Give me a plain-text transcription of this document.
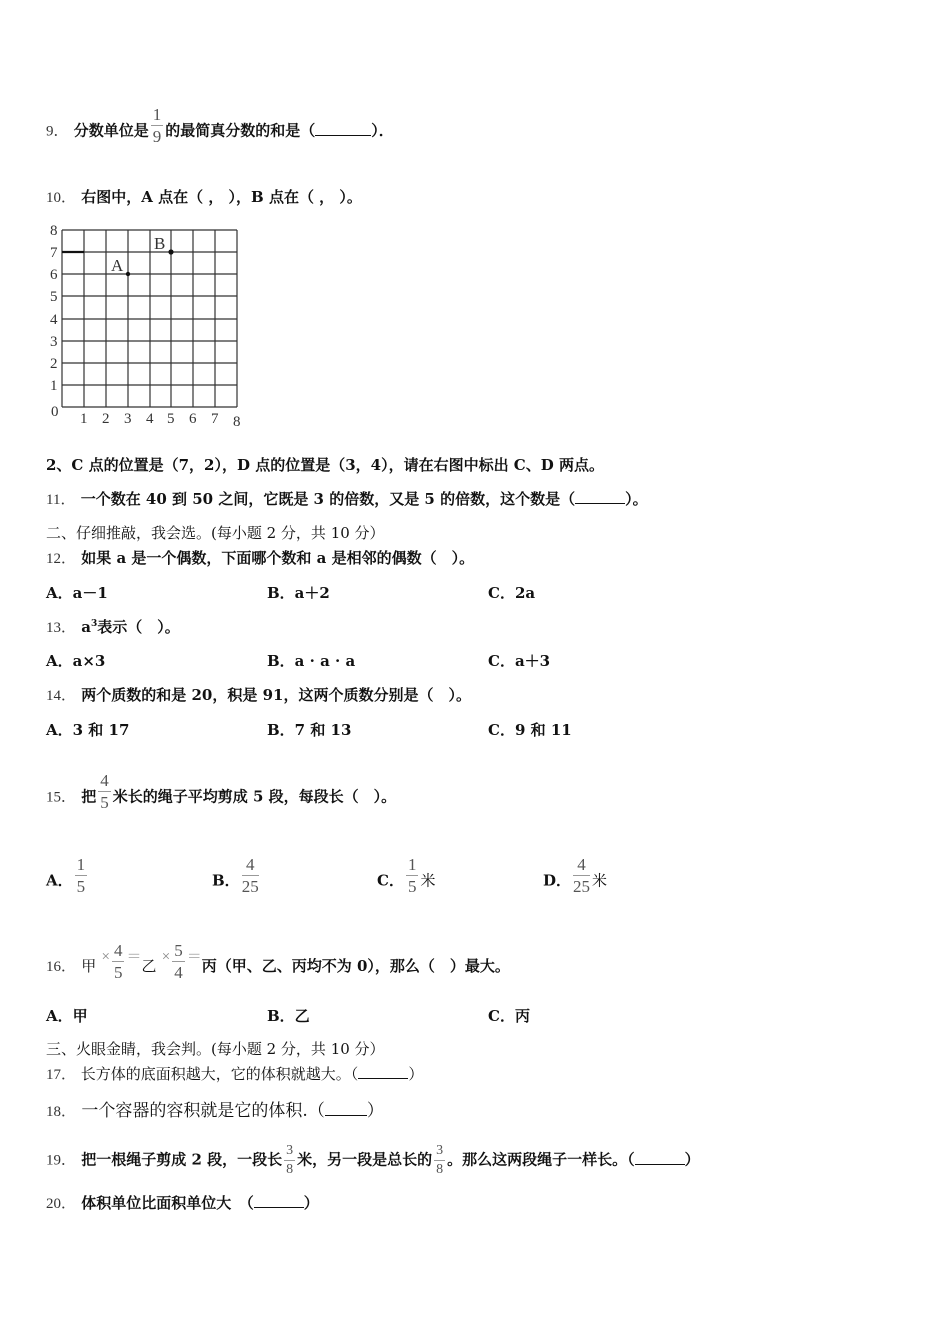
9． 分数单位是 $\frac{1}{9}$ 的最简真分数的和是（	）．
10． 右图中，A 点在（ ， ），B 点在（ ， ）。
8
7
6
5
4
3
2
1
0 1 2 3 4 5 6 7 8
A
B
2、C 点的位置是（7，2），D 点的位置是（3，4），请在右图中标出 C、D 两点。
11． 一个数在 40 到 50 之间，它既是 3 的倍数，又是 5 的倍数，这个数是（	）。
二、仔细推敲，我会选。(每小题 2 分，共 10 分）
12． 如果 a 是一个偶数，下面哪个数和 a 是相邻的偶数（　）。
A．a－1	B．a＋2	C．2a
13． $a^3$表示（　）。
A．a×3	B．a · a · a	C．a＋3
14． 两个质数的和是 20，积是 91，这两个质数分别是（　）。
A．3 和 17	B．7 和 13	C．9 和 11
15． 把 $\frac{4}{5}$ 米长的绳子平均剪成 5 段，每段长（　）。
A． $\frac{1}{5}$	B． $\frac{4}{25}$	C． $\frac{1}{5}$ 米	D． $\frac{4}{25}$ 米
16． 甲 × $\frac{4}{5}$ ＝乙 × $\frac{5}{4}$ ＝丙（甲、乙、丙均不为 0），那么（　）最大。
A．甲	B．乙	C．丙
三、火眼金睛，我会判。(每小题 2 分，共 10 分）
17． 长方体的底面积越大，它的体积就越大。（	）
18． 一个容器的容积就是它的体积.（ ）
19． 把一根绳子剪成 2 段，一段长 $\frac{3}{8}$ 米，另一段是总长的 $\frac{3}{8}$ 。那么这两段绳子一样长。（	）
20． 体积单位比面积单位大　（	）
